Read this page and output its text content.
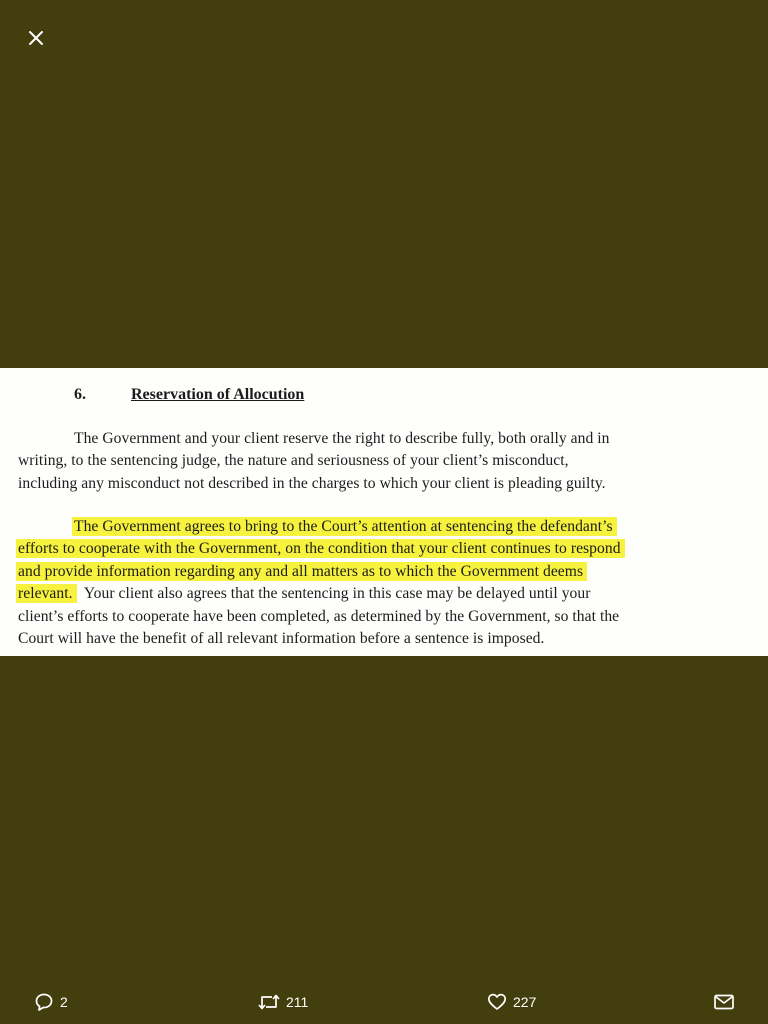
6.	Reservation of Allocution
The Government and your client reserve the right to describe fully, both orally and in
writing, to the sentencing judge, the nature and seriousness of your client’s misconduct,
including any misconduct not described in the charges to which your client is pleading guilty.
The Government agrees to bring to the Court’s attention at sentencing the defendant’s
efforts to cooperate with the Government, on the condition that your client continues to respond
and provide information regarding any and all matters as to which the Government deems
relevant. Your client also agrees that the sentencing in this case may be delayed until your
client’s efforts to cooperate have been completed, as determined by the Government, so that the
Court will have the benefit of all relevant information before a sentence is imposed.
2	211	227
